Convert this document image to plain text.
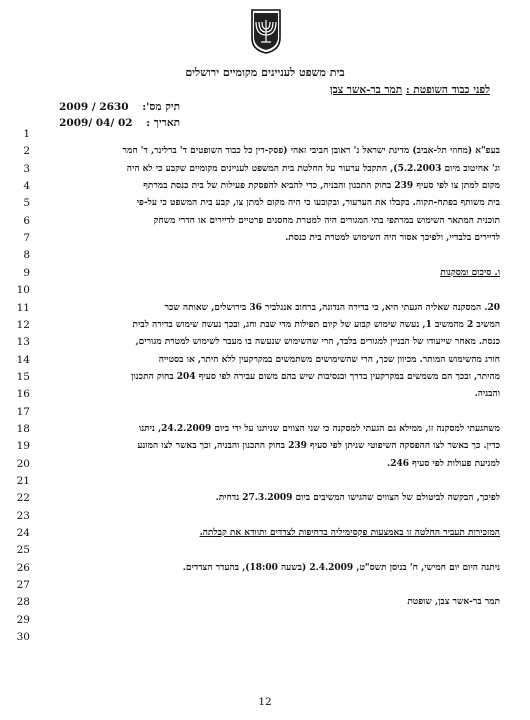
בית משפט לעניינים מקומיים ירושלים
לפני כבוד השופטת : תמר בר-אשר צבן
תיק מס': 2630 / 2009
תאריך : 02 /04 /2009
1
2
3
4
5
6
7
8
9
10
11
12
13
14
15
16
17
18
19
20
21
22
23
24
25
26
27
28
29
30
בעפ"א (מחוזי תל-אביב) מדינת ישראל נ' ראובן חביבי זאהי (פסק-דין כל כבוד השופטים ד' ברלינר, ד' חמר
וג' אחיטוב מיום 5.2.2003), התקבל ערעור על החלטת בית המשפט לעניינים מקומיים שקבע כי לא היה
מקום למתן צו לפי סעיף 239 בחוק התכנון והבניה, כדי להביא להפסקת פעילות של בית כנסת במרתף
בית משותף בפתח-תקוה. בקבלו את הערעור, ובקובעו כי היה מקום למתן צו, קבע בית המשפט כי על-פי
תוכנית המתאר השימוש במרתפי בתי המגורים היה למטרת מחסנים פרטיים לדיירים או חדרי משחק
לדיירים בלבדיי, ולפיכך אסור היה השימוש למטרת בית כנסת.
ו. סיכום ומסקנות
20. המסקנה שאליה הגעתי היא, כי בדירה הנדונה, ברחוב אנגלביר 36 בירושלים, שאותה שכר
המשיב 2 מהמשיב 1, נעשה שימוש קבוע של קיום תפילות מדי שבת וחג, ובכך נעשה שימוש בדירה לבית
כנסת. מאחר שייעודו של הבניין למגורים בלבד, הרי שהשימוש שנעשה בו מעבר לשימוש למטרת מגורים,
חורג מהשימוש המותר. מכיוון שכך, הרי שהשימושים משתמשים במקרקעין ללא היתר, או בסטייה
מהיתר, ובכך הם משמשים במקרקעין בדרך ובנסיבות שיש בהם משום עבירה לפי סעיף 204 בחוק התכנון
והבניה.
משהגעתי למסקנה זו, ממילא גם הגעתי למסקנה כי שני הצווים שניתנו על ידי ביום 24.2.2009, ניתנו
כדין. כך באשר לצו ההפסקה השיפוטי שניתן לפי סעיף 239 בחוק התכנון והבניה, וכך באשר לצו המונע
למניעת פעולות לפי סעיף 246.
לפיכך, הבקשה לביטולם של הצווים שהגישו המשיבים ביום 27.3.2009 נדחית.
המזכירות תעביר החלטה זו באמצעות פקסימיליה בדחיפות לצדדים ותוודא את קבלתה.
ניתנה היום יום חמישי, ח' בניסן תשס"ט, 2.4.2009 (בשעה 18:00), בהעדר הצדדים.
תמר בר-אשר צבן, שופטת
12
